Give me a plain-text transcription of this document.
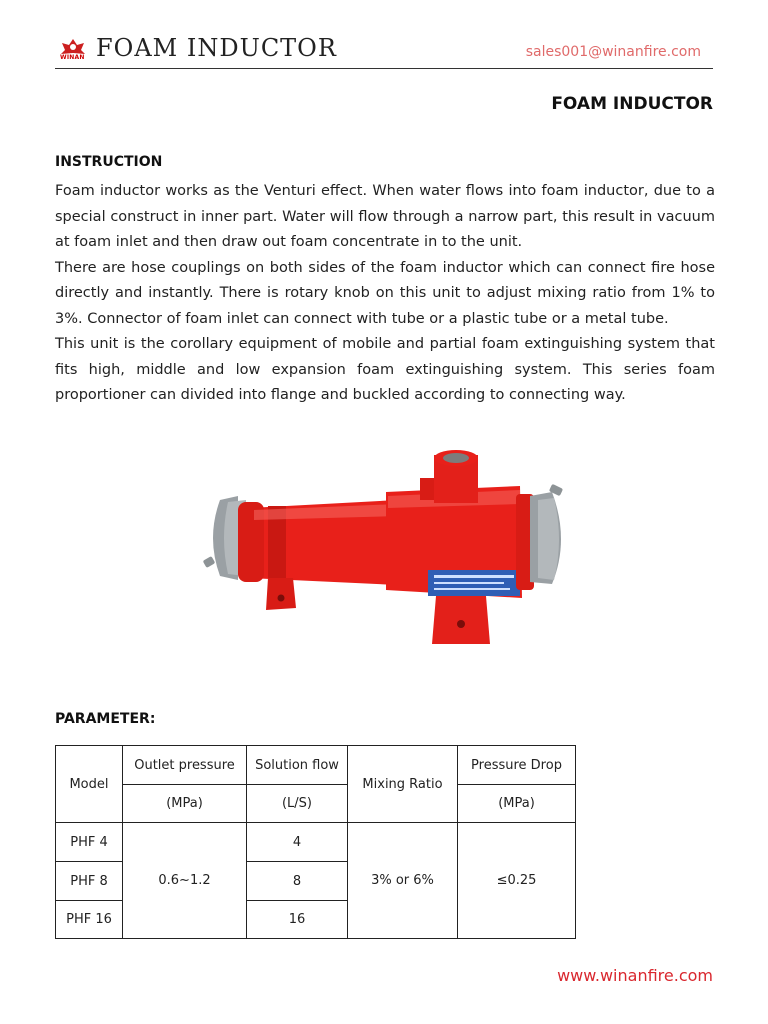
WINAN FOAM INDUCTOR	sales001@winanfire.com
FOAM INDUCTOR
INSTRUCTION

Foam inductor works as the Venturi effect. When water flows into foam inductor, due to a special construct in inner part. Water will flow through a narrow part, this result in vacuum at foam inlet and then draw out foam concentrate in to the unit.

There are hose couplings on both sides of the foam inductor which can connect fire hose directly and instantly. There is rotary knob on this unit to adjust mixing ratio from 1% to 3%. Connector of foam inlet can connect with tube or a plastic tube or a metal tube.

This unit is the corollary equipment of mobile and partial foam extinguishing system that fits high, middle and low expansion foam extinguishing system. This series foam proportioner can divided into flange and buckled according to connecting way.

PARAMETER:
Model	Outlet pressure	Solution flow	Mixing Ratio	Pressure Drop
	(MPa)	(L/S)		(MPa)
PHF 4	0.6~1.2	4	3% or 6%	≤0.25
PHF 8		8		
PHF 16		16		
www.winanfire.com
